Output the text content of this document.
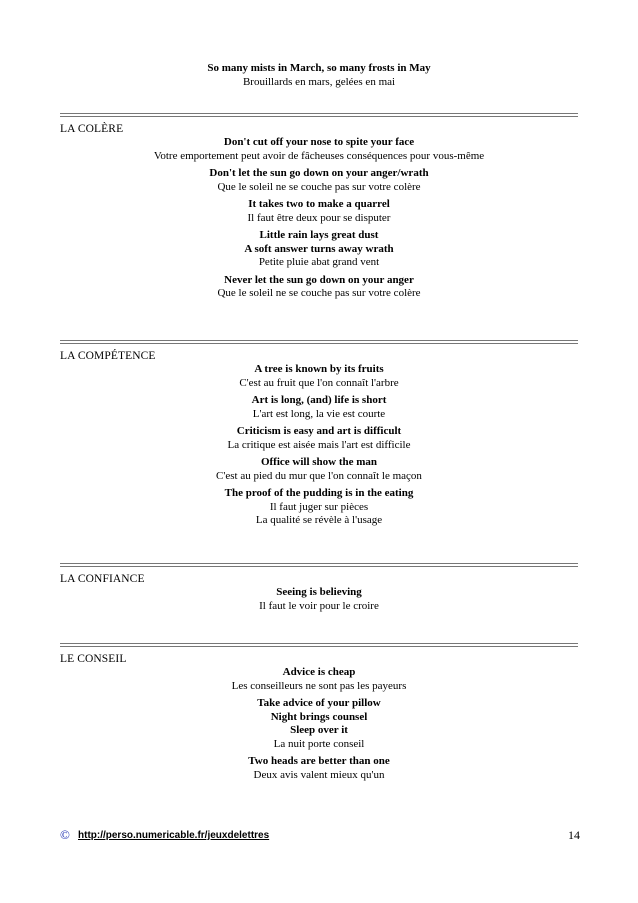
So many mists in March, so many frosts in May
Brouillards en mars, gelées en mai
LA COLÈRE
Don't cut off your nose to spite your face
Votre emportement peut avoir de fâcheuses conséquences pour vous-même
Don't let the sun go down on your anger/wrath
Que le soleil ne se couche pas sur votre colère
It takes two to make a quarrel
Il faut être deux pour se disputer
Little rain lays great dust
A soft answer turns away wrath
Petite pluie abat grand vent
Never let the sun go down on your anger
Que le soleil ne se couche pas sur votre colère
LA COMPÉTENCE
A tree is known by its fruits
C'est au fruit que l'on connaît l'arbre
Art is long, (and) life is short
L'art est long, la vie est courte
Criticism is easy and art is difficult
La critique est aisée mais l'art est difficile
Office will show the man
C'est au pied du mur que l'on connaît le maçon
The proof of the pudding is in the eating
Il faut juger sur pièces
La qualité se révèle à l'usage
LA CONFIANCE
Seeing is believing
Il faut le voir pour le croire
LE CONSEIL
Advice is cheap
Les conseilleurs ne sont pas les payeurs
Take advice of your pillow
Night brings counsel
Sleep over it
La nuit porte conseil
Two heads are better than one
Deux avis valent mieux qu'un
© http://perso.numericable.fr/jeuxdelettres	14
